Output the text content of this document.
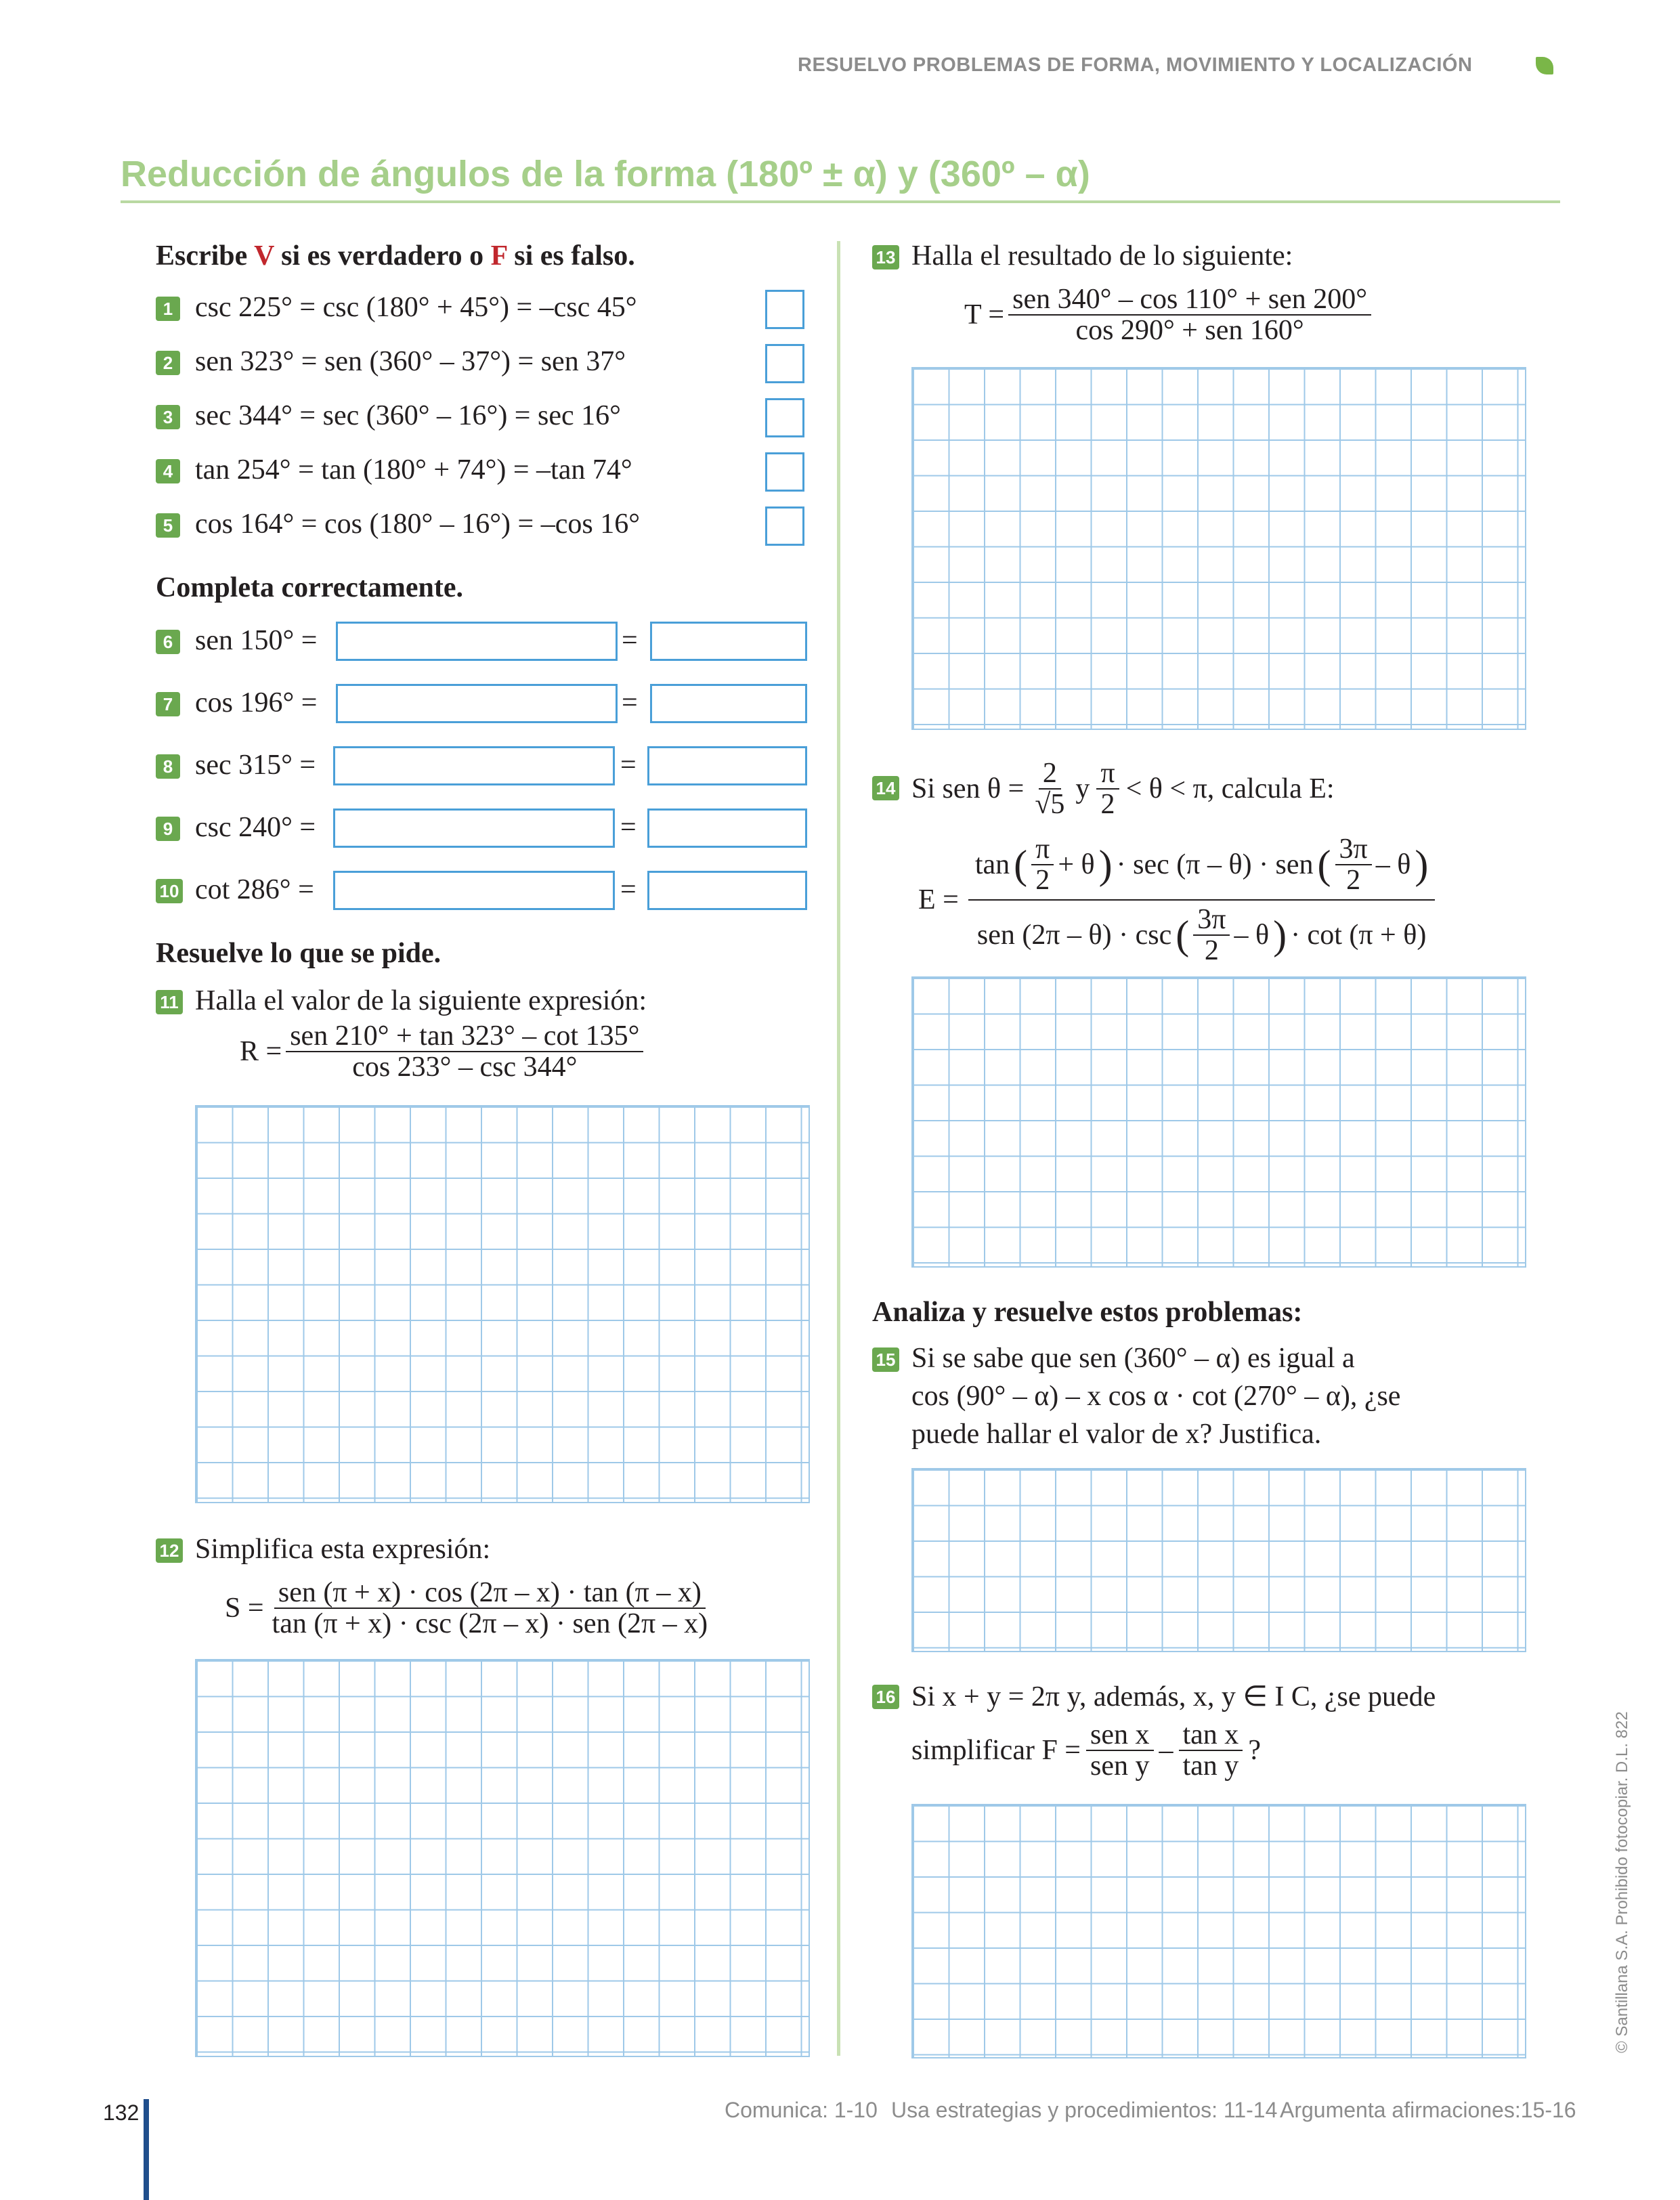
RESUELVO PROBLEMAS DE FORMA, MOVIMIENTO Y LOCALIZACIÓN
Reducción de ángulos de la forma (180º ± α) y (360º – α)
Escribe V si es verdadero o F si es falso.
1 csc 225° = csc (180° + 45°) = –csc 45°
2 sen 323° = sen (360° – 37°) = sen 37°
3 sec 344° = sec (360° – 16°) = sec 16°
4 tan 254° = tan (180° + 74°) = –tan 74°
5 cos 164° = cos (180° – 16°) = –cos 16°
Completa correctamente.
6 sen 150° =	=
7 cos 196° =	=
8 sec 315° =	=
9 csc 240° =	=
10 cot 286° =	=
Resuelve lo que se pide.
11 Halla el valor de la siguiente expresión:
$R = \frac{\text{sen 210° + tan 323° – cot 135°}}{\cos 233^\circ - \csc 344^\circ}$
12 Simplifica esta expresión:
$S = \frac{\text{sen (π + x) · cos (2π – x) · tan (π – x)}}{\text{tan (π + x) · csc (2π – x) · sen (2π – x)}}$
13 Halla el resultado de lo siguiente:
$T = \frac{\text{sen 340° – cos 110° + sen 200°}}{\text{cos 290° + sen 160°}}$
14 Si sen $\theta = \frac{2}{√5}$ y $\frac{\pi}{2} < \theta < \pi$, calcula E:
E =
tan ( $\frac{\pi}{2} + \theta$ ) · sec (π – θ) · sen ( $\frac{3\pi}{2}$ – θ )
sen (2π – θ) · csc ( $\frac{3\pi}{2}$ – θ ) · cot (π + θ)
Analiza y resuelve estos problemas:
15 Si se sabe que sen (360° – α) es igual a
cos (90° – α) – x cos α · cot (270° – α), ¿se
puede hallar el valor de x? Justifica.
16 Si x + y = 2π y, además, x, y ∈ I C, ¿se puede
simplificar $F = \frac{\text{sen x}}{\text{sen y}} - \frac{\text{tan x}}{\text{tan y}}$ ?	© Santillana S.A. Prohibido fotocopiar. D.L. 822
132	Comunica: 1-10 Usa estrategias y procedimientos: 11-14 Argumenta afirmaciones:15-16
